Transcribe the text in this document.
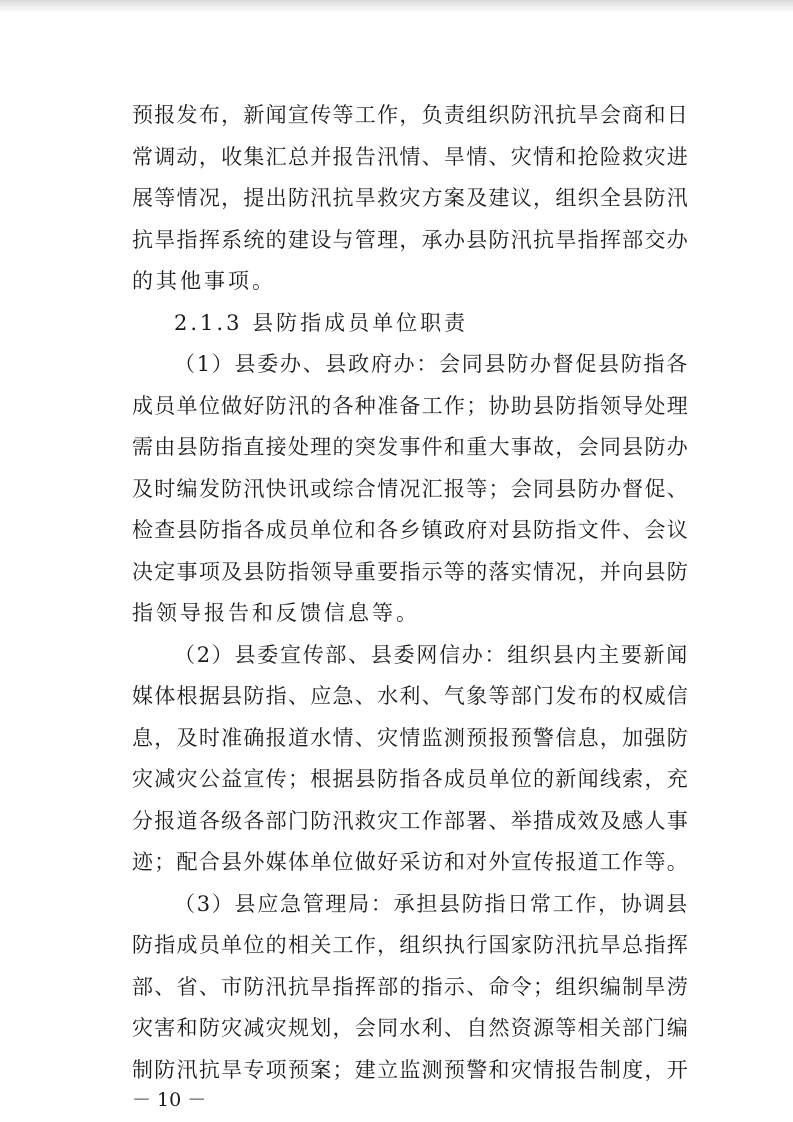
预报发布，新闻宣传等工作，负责组织防汛抗旱会商和日
常调动，收集汇总并报告汛情、旱情、灾情和抢险救灾进
展等情况，提出防汛抗旱救灾方案及建议，组织全县防汛
抗旱指挥系统的建设与管理，承办县防汛抗旱指挥部交办
的其他事项。
2.1.3 县防指成员单位职责
（1）县委办、县政府办：会同县防办督促县防指各
成员单位做好防汛的各种准备工作；协助县防指领导处理
需由县防指直接处理的突发事件和重大事故，会同县防办
及时编发防汛快讯或综合情况汇报等；会同县防办督促、
检查县防指各成员单位和各乡镇政府对县防指文件、会议
决定事项及县防指领导重要指示等的落实情况，并向县防
指领导报告和反馈信息等。
（2）县委宣传部、县委网信办：组织县内主要新闻
媒体根据县防指、应急、水利、气象等部门发布的权威信
息，及时准确报道水情、灾情监测预报预警信息，加强防
灾减灾公益宣传；根据县防指各成员单位的新闻线索，充
分报道各级各部门防汛救灾工作部署、举措成效及感人事
迹；配合县外媒体单位做好采访和对外宣传报道工作等。
（3）县应急管理局：承担县防指日常工作，协调县
防指成员单位的相关工作，组织执行国家防汛抗旱总指挥
部、省、市防汛抗旱指挥部的指示、命令；组织编制旱涝
灾害和防灾减灾规划，会同水利、自然资源等相关部门编
制防汛抗旱专项预案；建立监测预警和灾情报告制度，开
－ 10 －
